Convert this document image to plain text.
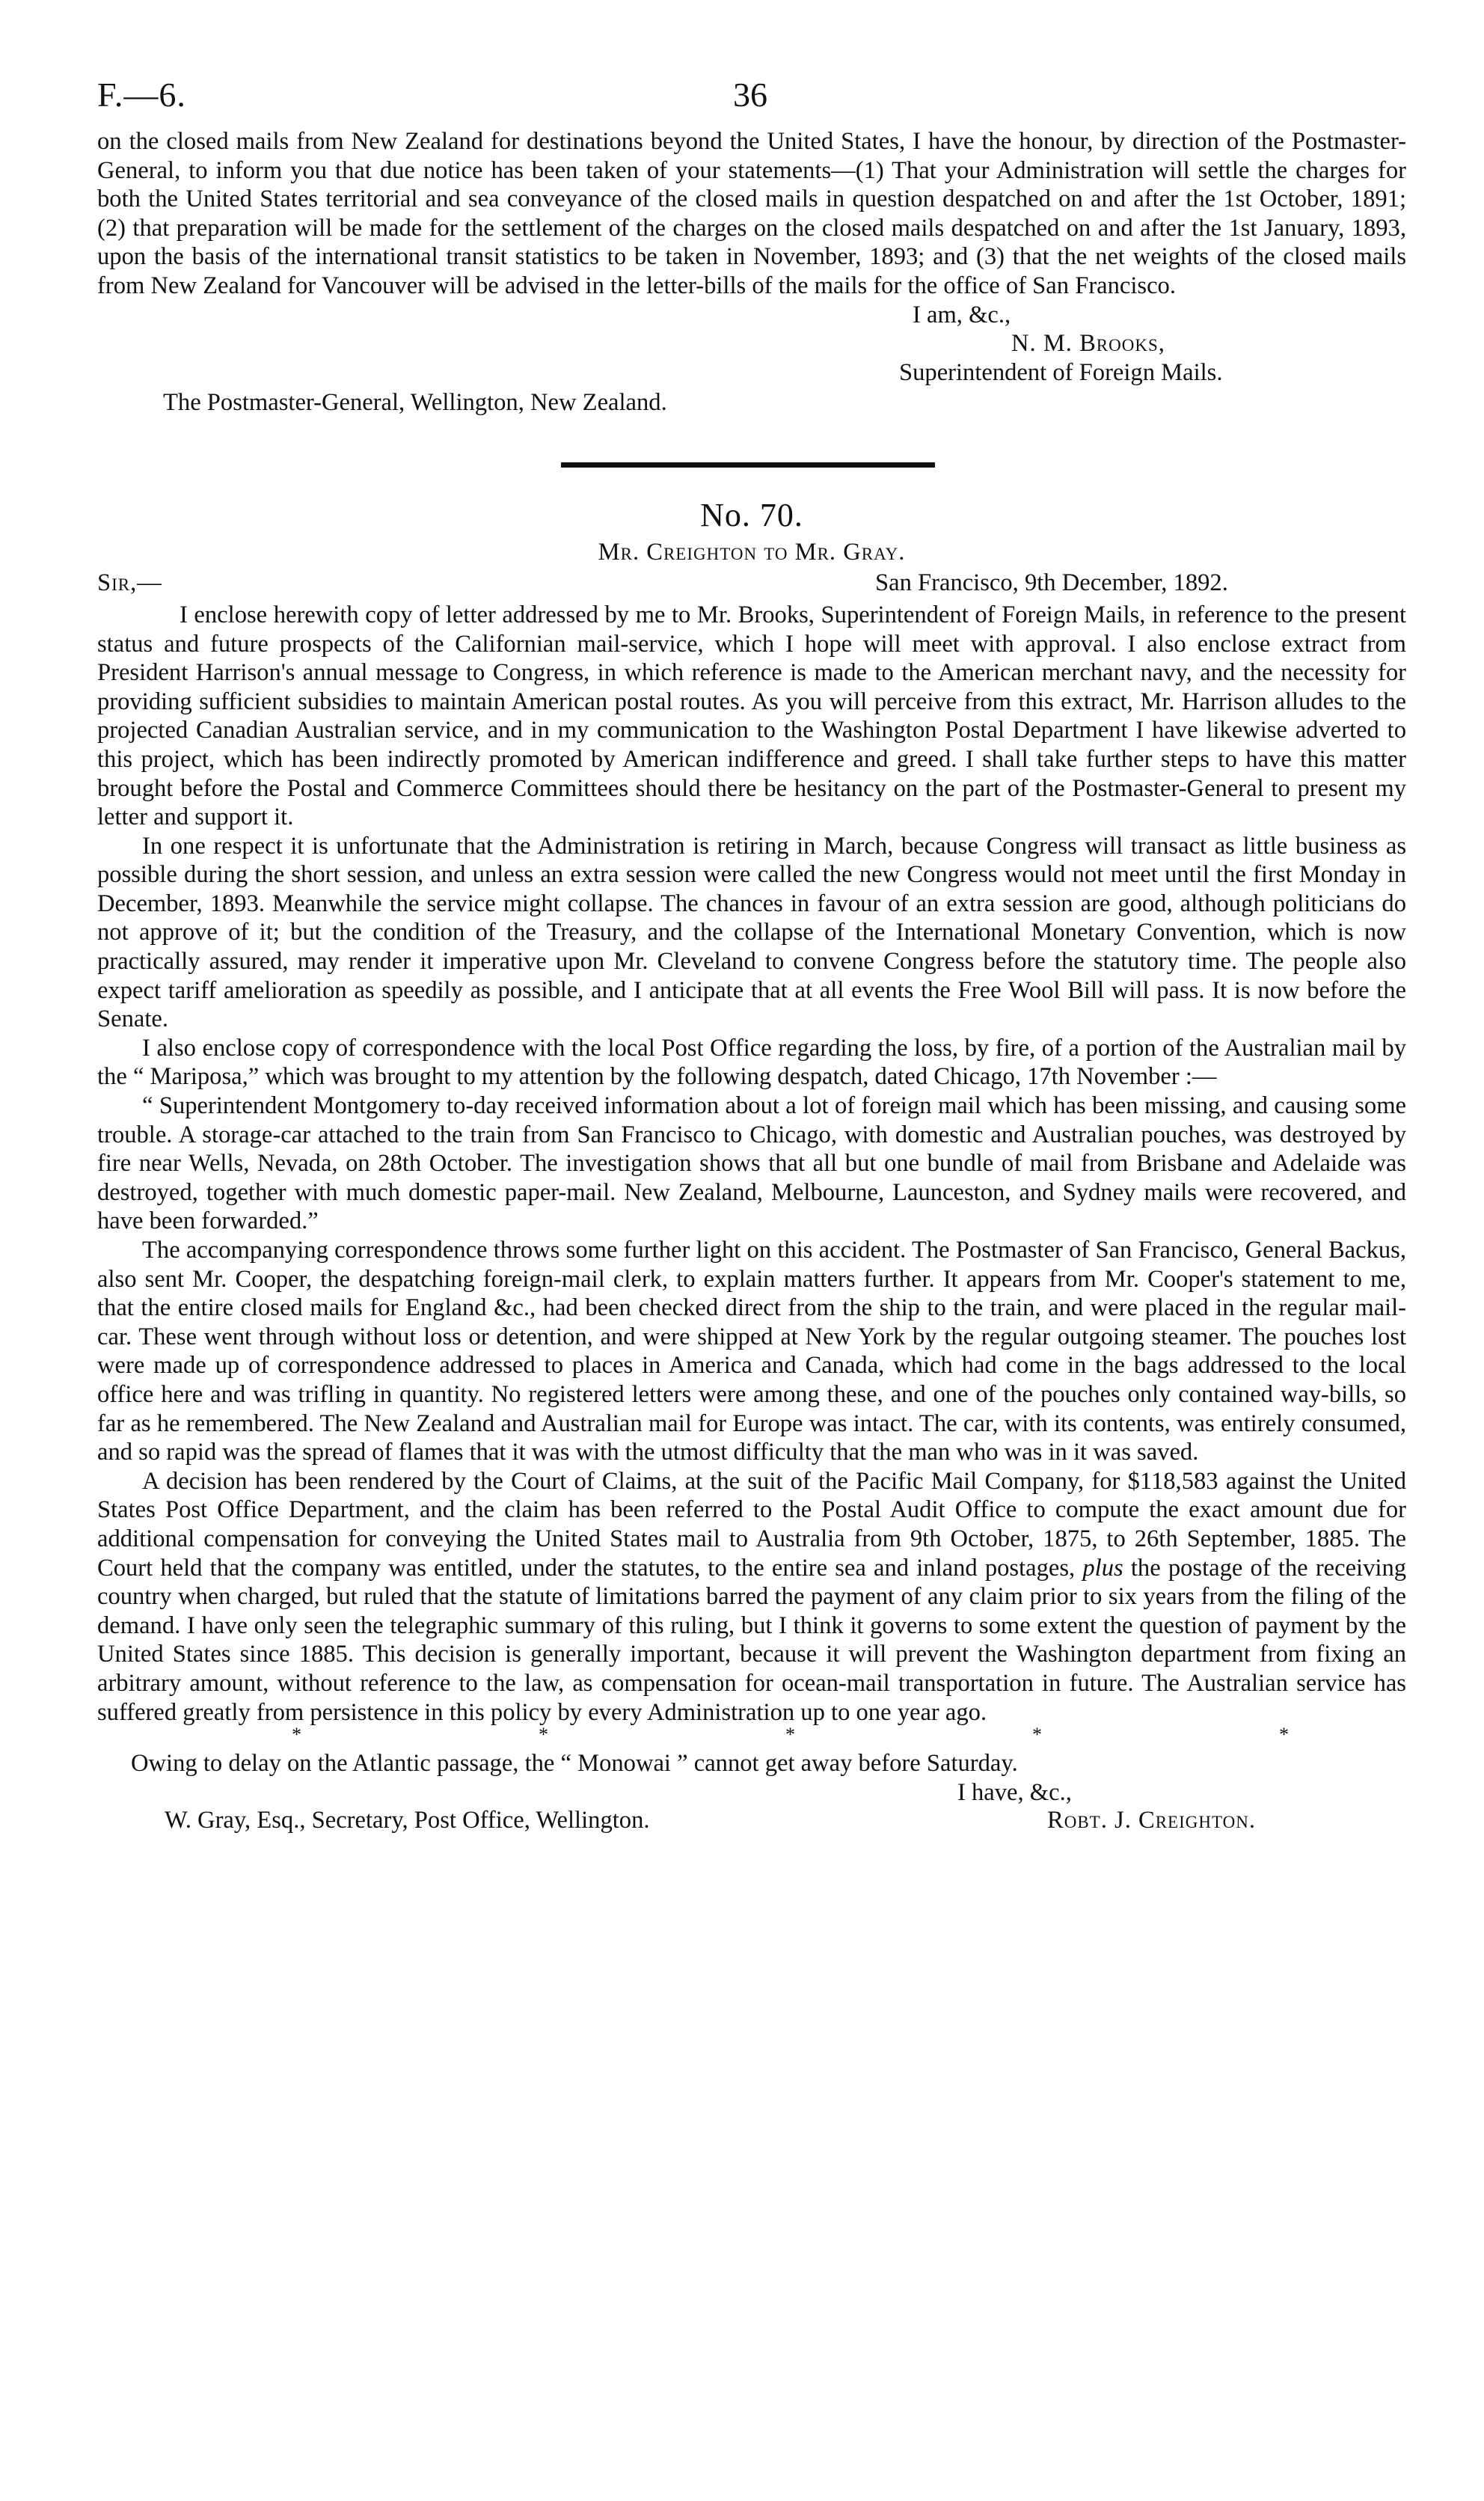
F.—6.	36

on the closed mails from New Zealand for destinations beyond the United States, I have the honour, by direction of the Postmaster-General, to inform you that due notice has been taken of your statements—(1) That your Administration will settle the charges for both the United States territorial and sea conveyance of the closed mails in question despatched on and after the 1st October, 1891; (2) that preparation will be made for the settlement of the charges on the closed mails despatched on and after the 1st January, 1893, upon the basis of the international transit statistics to be taken in November, 1893; and (3) that the net weights of the closed mails from New Zealand for Vancouver will be advised in the letter-bills of the mails for the office of San Francisco.

I am, &c.,

N. M. Brooks,

Superintendent of Foreign Mails.

The Postmaster-General, Wellington, New Zealand.

No. 70.

Mr. Creighton to Mr. Gray.

Sir,—	San Francisco, 9th December, 1892.

I enclose herewith copy of letter addressed by me to Mr. Brooks, Superintendent of Foreign Mails, in reference to the present status and future prospects of the Californian mail-service, which I hope will meet with approval. I also enclose extract from President Harrison's annual message to Congress, in which reference is made to the American merchant navy, and the necessity for providing sufficient subsidies to maintain American postal routes. As you will perceive from this extract, Mr. Harrison alludes to the projected Canadian Australian service, and in my communication to the Washington Postal Department I have likewise adverted to this project, which has been indirectly promoted by American indifference and greed. I shall take further steps to have this matter brought before the Postal and Commerce Committees should there be hesitancy on the part of the Postmaster-General to present my letter and support it.

In one respect it is unfortunate that the Administration is retiring in March, because Congress will transact as little business as possible during the short session, and unless an extra session were called the new Congress would not meet until the first Monday in December, 1893. Meanwhile the service might collapse. The chances in favour of an extra session are good, although politicians do not approve of it; but the condition of the Treasury, and the collapse of the International Monetary Convention, which is now practically assured, may render it imperative upon Mr. Cleveland to convene Congress before the statutory time. The people also expect tariff amelioration as speedily as possible, and I anticipate that at all events the Free Wool Bill will pass. It is now before the Senate.

I also enclose copy of correspondence with the local Post Office regarding the loss, by fire, of a portion of the Australian mail by the “ Mariposa,” which was brought to my attention by the following despatch, dated Chicago, 17th November :—

“ Superintendent Montgomery to-day received information about a lot of foreign mail which has been missing, and causing some trouble. A storage-car attached to the train from San Francisco to Chicago, with domestic and Australian pouches, was destroyed by fire near Wells, Nevada, on 28th October. The investigation shows that all but one bundle of mail from Brisbane and Adelaide was destroyed, together with much domestic paper-mail. New Zealand, Melbourne, Launceston, and Sydney mails were recovered, and have been forwarded.”

The accompanying correspondence throws some further light on this accident. The Postmaster of San Francisco, General Backus, also sent Mr. Cooper, the despatching foreign-mail clerk, to explain matters further. It appears from Mr. Cooper's statement to me, that the entire closed mails for England &c., had been checked direct from the ship to the train, and were placed in the regular mail-car. These went through without loss or detention, and were shipped at New York by the regular outgoing steamer. The pouches lost were made up of correspondence addressed to places in America and Canada, which had come in the bags addressed to the local office here and was trifling in quantity. No registered letters were among these, and one of the pouches only contained way-bills, so far as he remembered. The New Zealand and Australian mail for Europe was intact. The car, with its contents, was entirely consumed, and so rapid was the spread of flames that it was with the utmost difficulty that the man who was in it was saved.

A decision has been rendered by the Court of Claims, at the suit of the Pacific Mail Company, for $118,583 against the United States Post Office Department, and the claim has been referred to the Postal Audit Office to compute the exact amount due for additional compensation for conveying the United States mail to Australia from 9th October, 1875, to 26th September, 1885. The Court held that the company was entitled, under the statutes, to the entire sea and inland postages, plus the postage of the receiving country when charged, but ruled that the statute of limitations barred the payment of any claim prior to six years from the filing of the demand. I have only seen the telegraphic summary of this ruling, but I think it governs to some extent the question of payment by the United States since 1885. This decision is generally important, because it will prevent the Washington department from fixing an arbitrary amount, without reference to the law, as compensation for ocean-mail transportation in future. The Australian service has suffered greatly from persistence in this policy by every Administration up to one year ago.

*	*	*	*	*

Owing to delay on the Atlantic passage, the “ Monowai ” cannot get away before Saturday.

I have, &c.,

W. Gray, Esq., Secretary, Post Office, Wellington.	Robt. J. Creighton.
